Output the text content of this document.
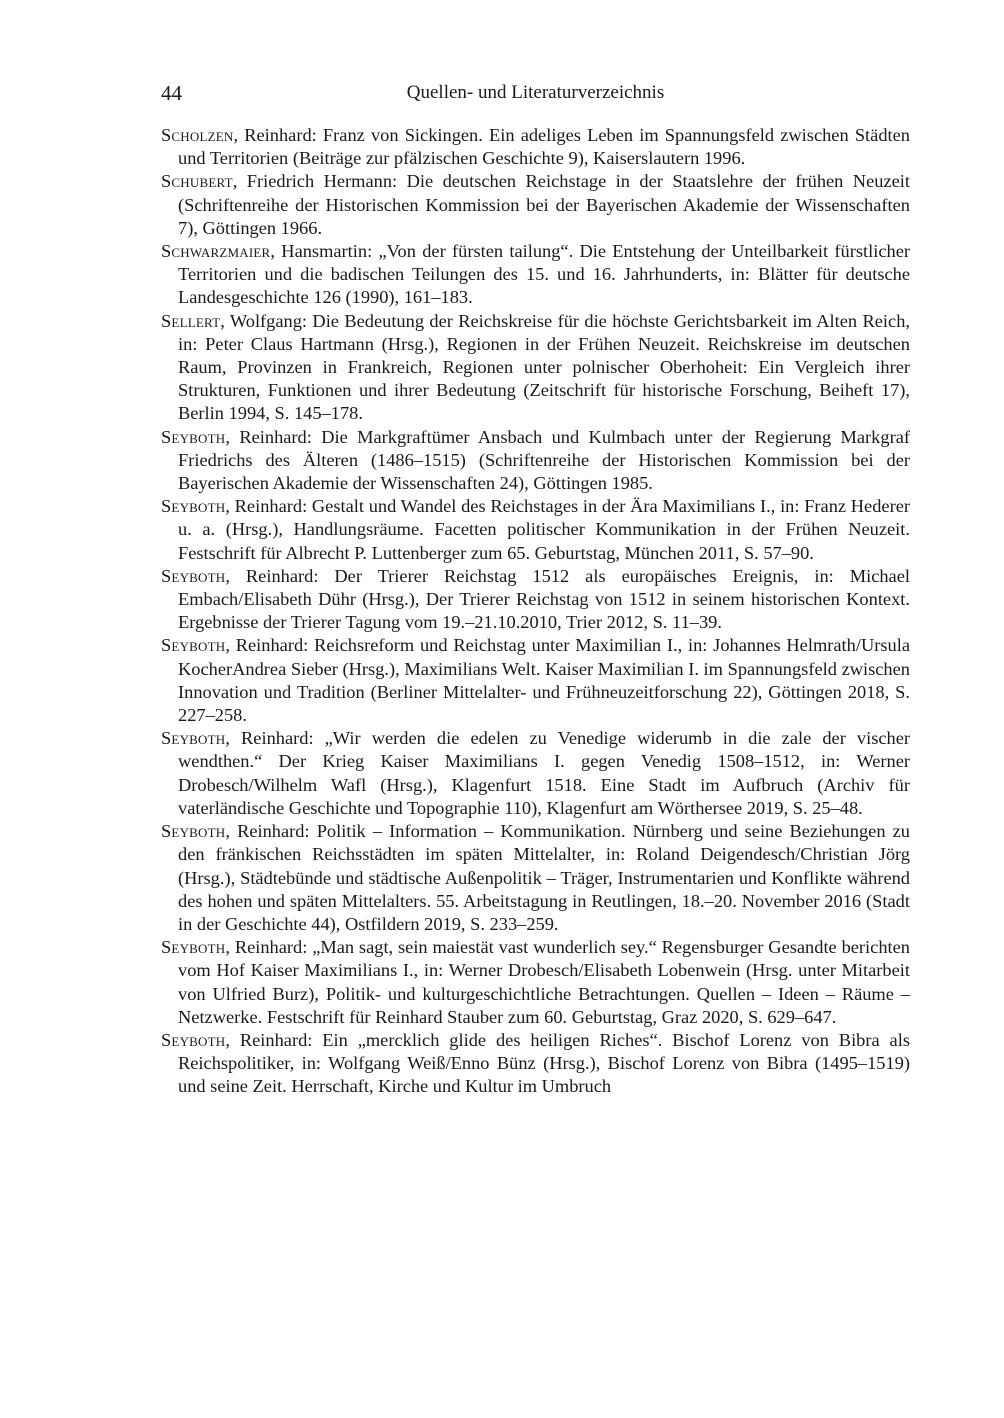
44	Quellen- und Literaturverzeichnis
Scholzen, Reinhard: Franz von Sickingen. Ein adeliges Leben im Spannungsfeld zwischen Städten und Territorien (Beiträge zur pfälzischen Geschichte 9), Kaiserslautern 1996.
Schubert, Friedrich Hermann: Die deutschen Reichstage in der Staatslehre der frühen Neuzeit (Schriftenreihe der Historischen Kommission bei der Bayerischen Akademie der Wissenschaften 7), Göttingen 1966.
Schwarzmaier, Hansmartin: „Von der fürsten tailung“. Die Entstehung der Unteilbarkeit fürstlicher Territorien und die badischen Teilungen des 15. und 16. Jahrhunderts, in: Blätter für deutsche Landesgeschichte 126 (1990), 161–183.
Sellert, Wolfgang: Die Bedeutung der Reichskreise für die höchste Gerichtsbarkeit im Alten Reich, in: Peter Claus Hartmann (Hrsg.), Regionen in der Frühen Neuzeit. Reichskreise im deutschen Raum, Provinzen in Frankreich, Regionen unter polnischer Oberhoheit: Ein Vergleich ihrer Strukturen, Funktionen und ihrer Bedeutung (Zeitschrift für historische Forschung, Beiheft 17), Berlin 1994, S. 145–178.
Seyboth, Reinhard: Die Markgraftümer Ansbach und Kulmbach unter der Regierung Markgraf Friedrichs des Älteren (1486–1515) (Schriftenreihe der Historischen Kommission bei der Bayerischen Akademie der Wissenschaften 24), Göttingen 1985.
Seyboth, Reinhard: Gestalt und Wandel des Reichstages in der Ära Maximilians I., in: Franz Hederer u. a. (Hrsg.), Handlungsräume. Facetten politischer Kommunikation in der Frühen Neuzeit. Festschrift für Albrecht P. Luttenberger zum 65. Geburtstag, München 2011, S. 57–90.
Seyboth, Reinhard: Der Trierer Reichstag 1512 als europäisches Ereignis, in: Michael Embach/Elisabeth Dühr (Hrsg.), Der Trierer Reichstag von 1512 in seinem historischen Kontext. Ergebnisse der Trierer Tagung vom 19.–21.10.2010, Trier 2012, S. 11–39.
Seyboth, Reinhard: Reichsreform und Reichstag unter Maximilian I., in: Johannes Helmrath/Ursula KocherAndrea Sieber (Hrsg.), Maximilians Welt. Kaiser Maximilian I. im Spannungsfeld zwischen Innovation und Tradition (Berliner Mittelalter- und Frühneuzeitforschung 22), Göttingen 2018, S. 227–258.
Seyboth, Reinhard: „Wir werden die edelen zu Venedige widerumb in die zale der vischer wendthen.“ Der Krieg Kaiser Maximilians I. gegen Venedig 1508–1512, in: Werner Drobesch/Wilhelm Wafl (Hrsg.), Klagenfurt 1518. Eine Stadt im Aufbruch (Archiv für vaterländische Geschichte und Topographie 110), Klagenfurt am Wörthersee 2019, S. 25–48.
Seyboth, Reinhard: Politik – Information – Kommunikation. Nürnberg und seine Beziehungen zu den fränkischen Reichsstädten im späten Mittelalter, in: Roland Deigendesch/Christian Jörg (Hrsg.), Städtebünde und städtische Außenpolitik – Träger, Instrumentarien und Konflikte während des hohen und späten Mittelalters. 55. Arbeitstagung in Reutlingen, 18.–20. November 2016 (Stadt in der Geschichte 44), Ostfildern 2019, S. 233–259.
Seyboth, Reinhard: „Man sagt, sein maiestät vast wunderlich sey.“ Regensburger Gesandte berichten vom Hof Kaiser Maximilians I., in: Werner Drobesch/Elisabeth Lobenwein (Hrsg. unter Mitarbeit von Ulfried Burz), Politik- und kulturgeschichtliche Betrachtungen. Quellen – Ideen – Räume – Netzwerke. Festschrift für Reinhard Stauber zum 60. Geburtstag, Graz 2020, S. 629–647.
Seyboth, Reinhard: Ein „mercklich glide des heiligen Riches“. Bischof Lorenz von Bibra als Reichspolitiker, in: Wolfgang Weiß/Enno Bünz (Hrsg.), Bischof Lorenz von Bibra (1495–1519) und seine Zeit. Herrschaft, Kirche und Kultur im Umbruch
